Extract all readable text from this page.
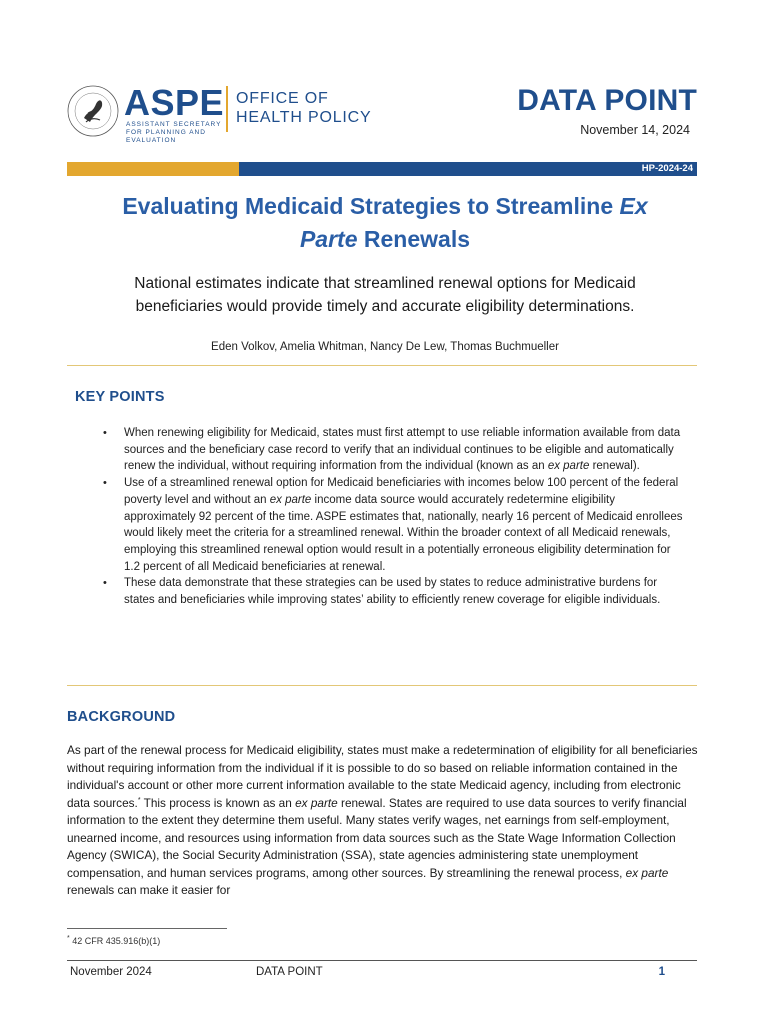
ASPE
ASSISTANT SECRETARY FOR PLANNING AND EVALUATION
OFFICE OF
HEALTH POLICY
DATA POINT
November 14, 2024
HP-2024-24
Evaluating Medicaid Strategies to Streamline Ex
Parte Renewals
National estimates indicate that streamlined renewal options for Medicaid beneficiaries would provide timely and accurate eligibility determinations.
Eden Volkov, Amelia Whitman, Nancy De Lew, Thomas Buchmueller
KEY POINTS
• When renewing eligibility for Medicaid, states must first attempt to use reliable information available from data sources and the beneficiary case record to verify that an individual continues to be eligible and automatically renew the individual, without requiring information from the individual (known as an ex parte renewal).
• Use of a streamlined renewal option for Medicaid beneficiaries with incomes below 100 percent of the federal poverty level and without an ex parte income data source would accurately redetermine eligibility approximately 92 percent of the time. ASPE estimates that, nationally, nearly 16 percent of Medicaid enrollees would likely meet the criteria for a streamlined renewal. Within the broader context of all Medicaid renewals, employing this streamlined renewal option would result in a potentially erroneous eligibility determination for 1.2 percent of all Medicaid beneficiaries at renewal.
• These data demonstrate that these strategies can be used by states to reduce administrative burdens for states and beneficiaries while improving states’ ability to efficiently renew coverage for eligible individuals.
BACKGROUND

As part of the renewal process for Medicaid eligibility, states must make a redetermination of eligibility for all beneficiaries without requiring information from the individual if it is possible to do so based on reliable information contained in the individual's account or other more current information available to the state Medicaid agency, including from electronic data sources.* This process is known as an ex parte renewal. States are required to use data sources to verify financial information to the extent they determine them useful. Many states verify wages, net earnings from self-employment, unearned income, and resources using information from data sources such as the State Wage Information Collection Agency (SWICA), the Social Security Administration (SSA), state agencies administering state unemployment compensation, and human services programs, among other sources. By streamlining the renewal process, ex parte renewals can make it easier for

* 42 CFR 435.916(b)(1)
November 2024	DATA POINT	1
